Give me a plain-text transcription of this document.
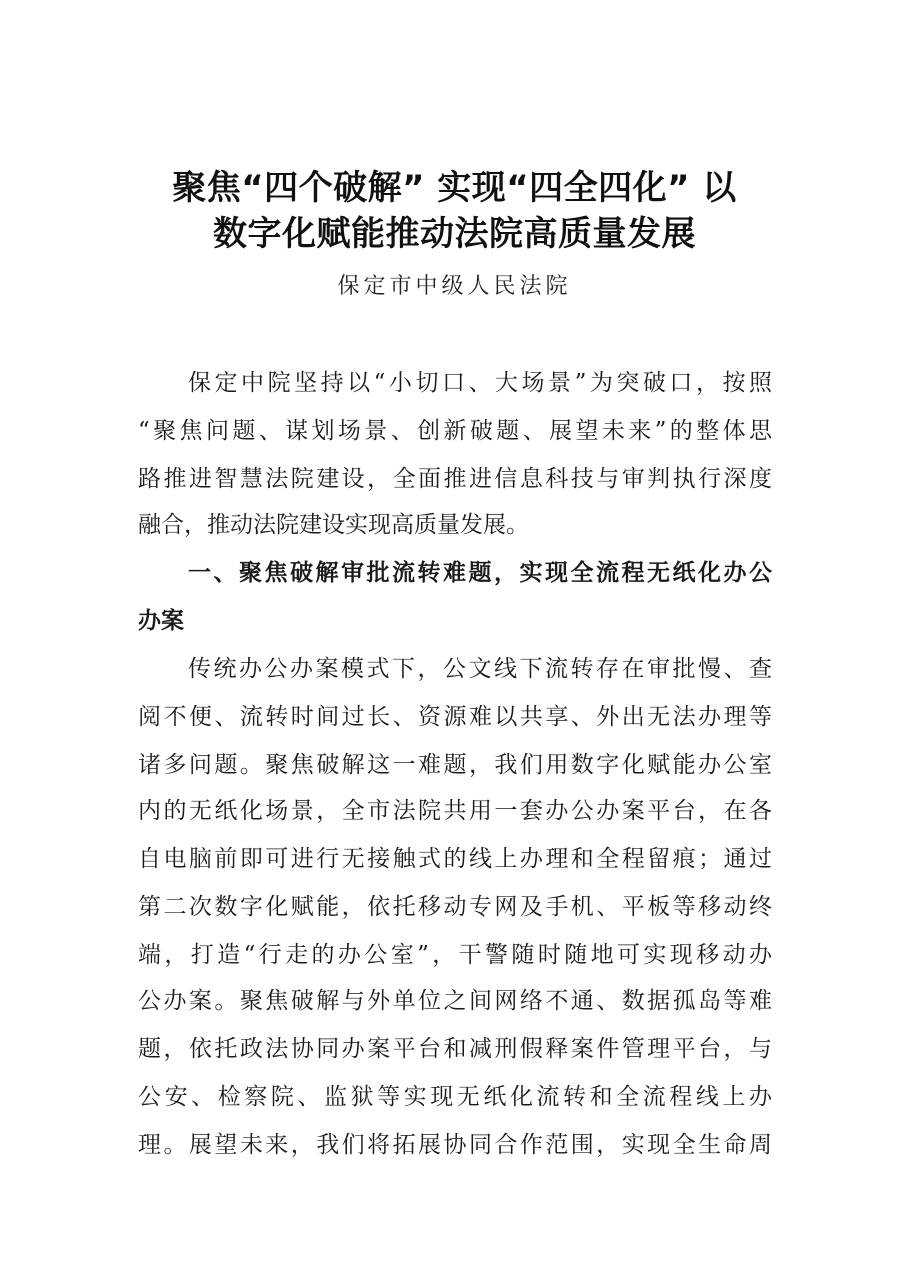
聚焦“四个破解” 实现“四全四化” 以
数字化赋能推动法院高质量发展
保定市中级人民法院
保定中院坚持以“小切口、大场景”为突破口，按照
“聚焦问题、谋划场景、创新破题、展望未来”的整体思
路推进智慧法院建设，全面推进信息科技与审判执行深度
融合，推动法院建设实现高质量发展。
一、聚焦破解审批流转难题，实现全流程无纸化办公
办案
传统办公办案模式下，公文线下流转存在审批慢、查
阅不便、流转时间过长、资源难以共享、外出无法办理等
诸多问题。聚焦破解这一难题，我们用数字化赋能办公室
内的无纸化场景，全市法院共用一套办公办案平台，在各
自电脑前即可进行无接触式的线上办理和全程留痕；通过
第二次数字化赋能，依托移动专网及手机、平板等移动终
端，打造“行走的办公室”，干警随时随地可实现移动办
公办案。聚焦破解与外单位之间网络不通、数据孤岛等难
题，依托政法协同办案平台和减刑假释案件管理平台，与
公安、检察院、监狱等实现无纸化流转和全流程线上办
理。展望未来，我们将拓展协同合作范围，实现全生命周
